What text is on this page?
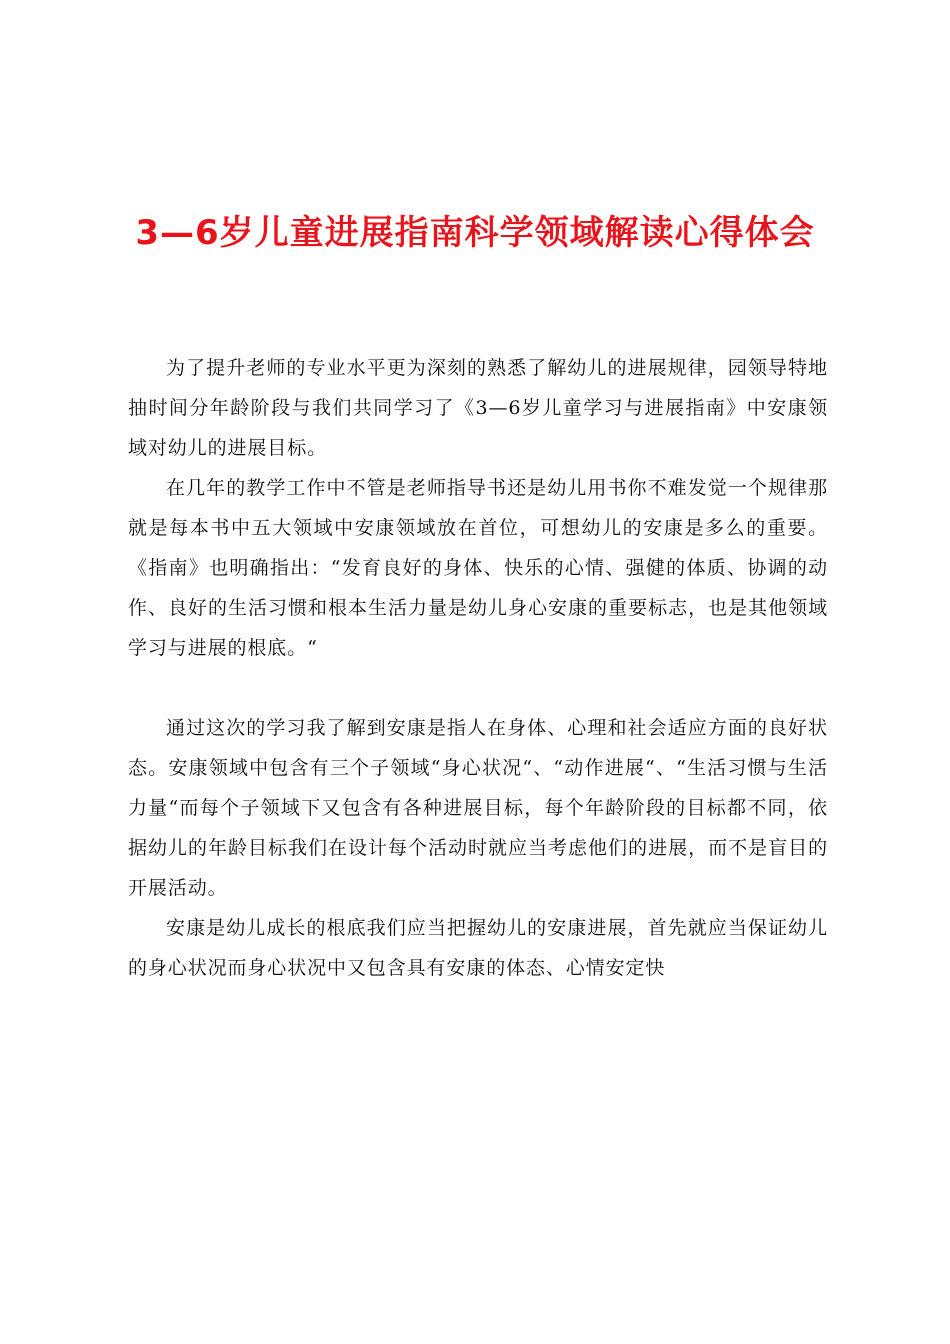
3—6岁儿童进展指南科学领域解读心得体会

为了提升老师的专业水平更为深刻的熟悉了解幼儿的进展规律，园领导特地抽时间分年龄阶段与我们共同学习了《3—6岁儿童学习与进展指南》中安康领域对幼儿的进展目标。

在几年的教学工作中不管是老师指导书还是幼儿用书你不难发觉一个规律那就是每本书中五大领域中安康领域放在首位，可想幼儿的安康是多么的重要。《指南》也明确指出：“发育良好的身体、快乐的心情、强健的体质、协调的动作、良好的生活习惯和根本生活力量是幼儿身心安康的重要标志，也是其他领域学习与进展的根底。“

通过这次的学习我了解到安康是指人在身体、心理和社会适应方面的良好状态。安康领域中包含有三个子领域“身心状况“、“动作进展“、“生活习惯与生活力量“而每个子领域下又包含有各种进展目标，每个年龄阶段的目标都不同，依据幼儿的年龄目标我们在设计每个活动时就应当考虑他们的进展，而不是盲目的开展活动。

安康是幼儿成长的根底我们应当把握幼儿的安康进展，首先就应当保证幼儿的身心状况而身心状况中又包含具有安康的体态、心情安定快
